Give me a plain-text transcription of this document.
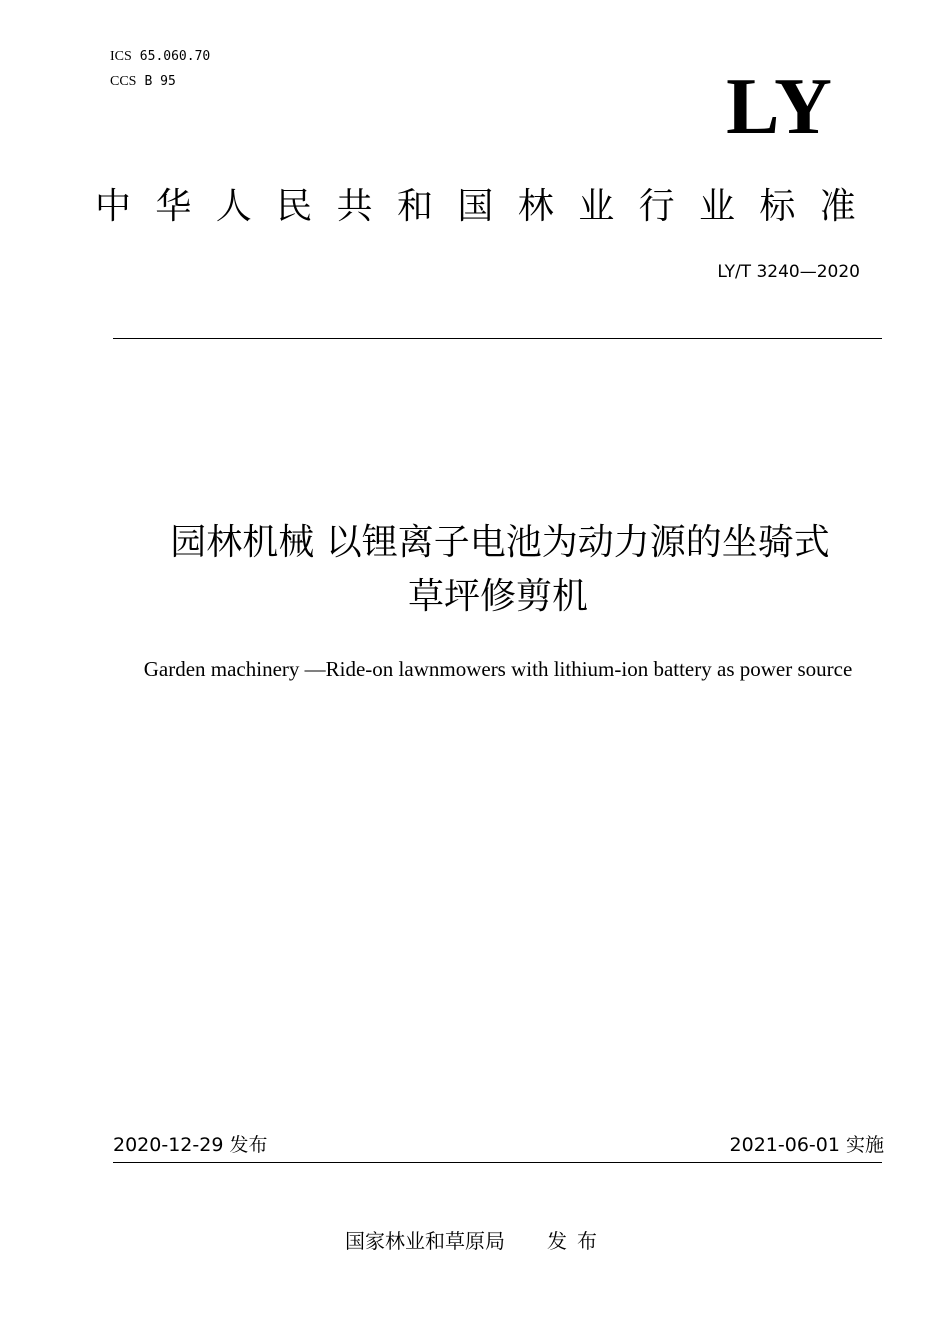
ICS 65.060.70
CCS B 95	LY
中华人民共和国林业行业标准
LY/T 3240—2020
园林机械 以锂离子电池为动力源的坐骑式
草坪修剪机
Garden machinery —Ride-on lawnmowers with lithium-ion battery as power source
2020-12-29 发布	2021-06-01 实施
国家林业和草原局 发布
